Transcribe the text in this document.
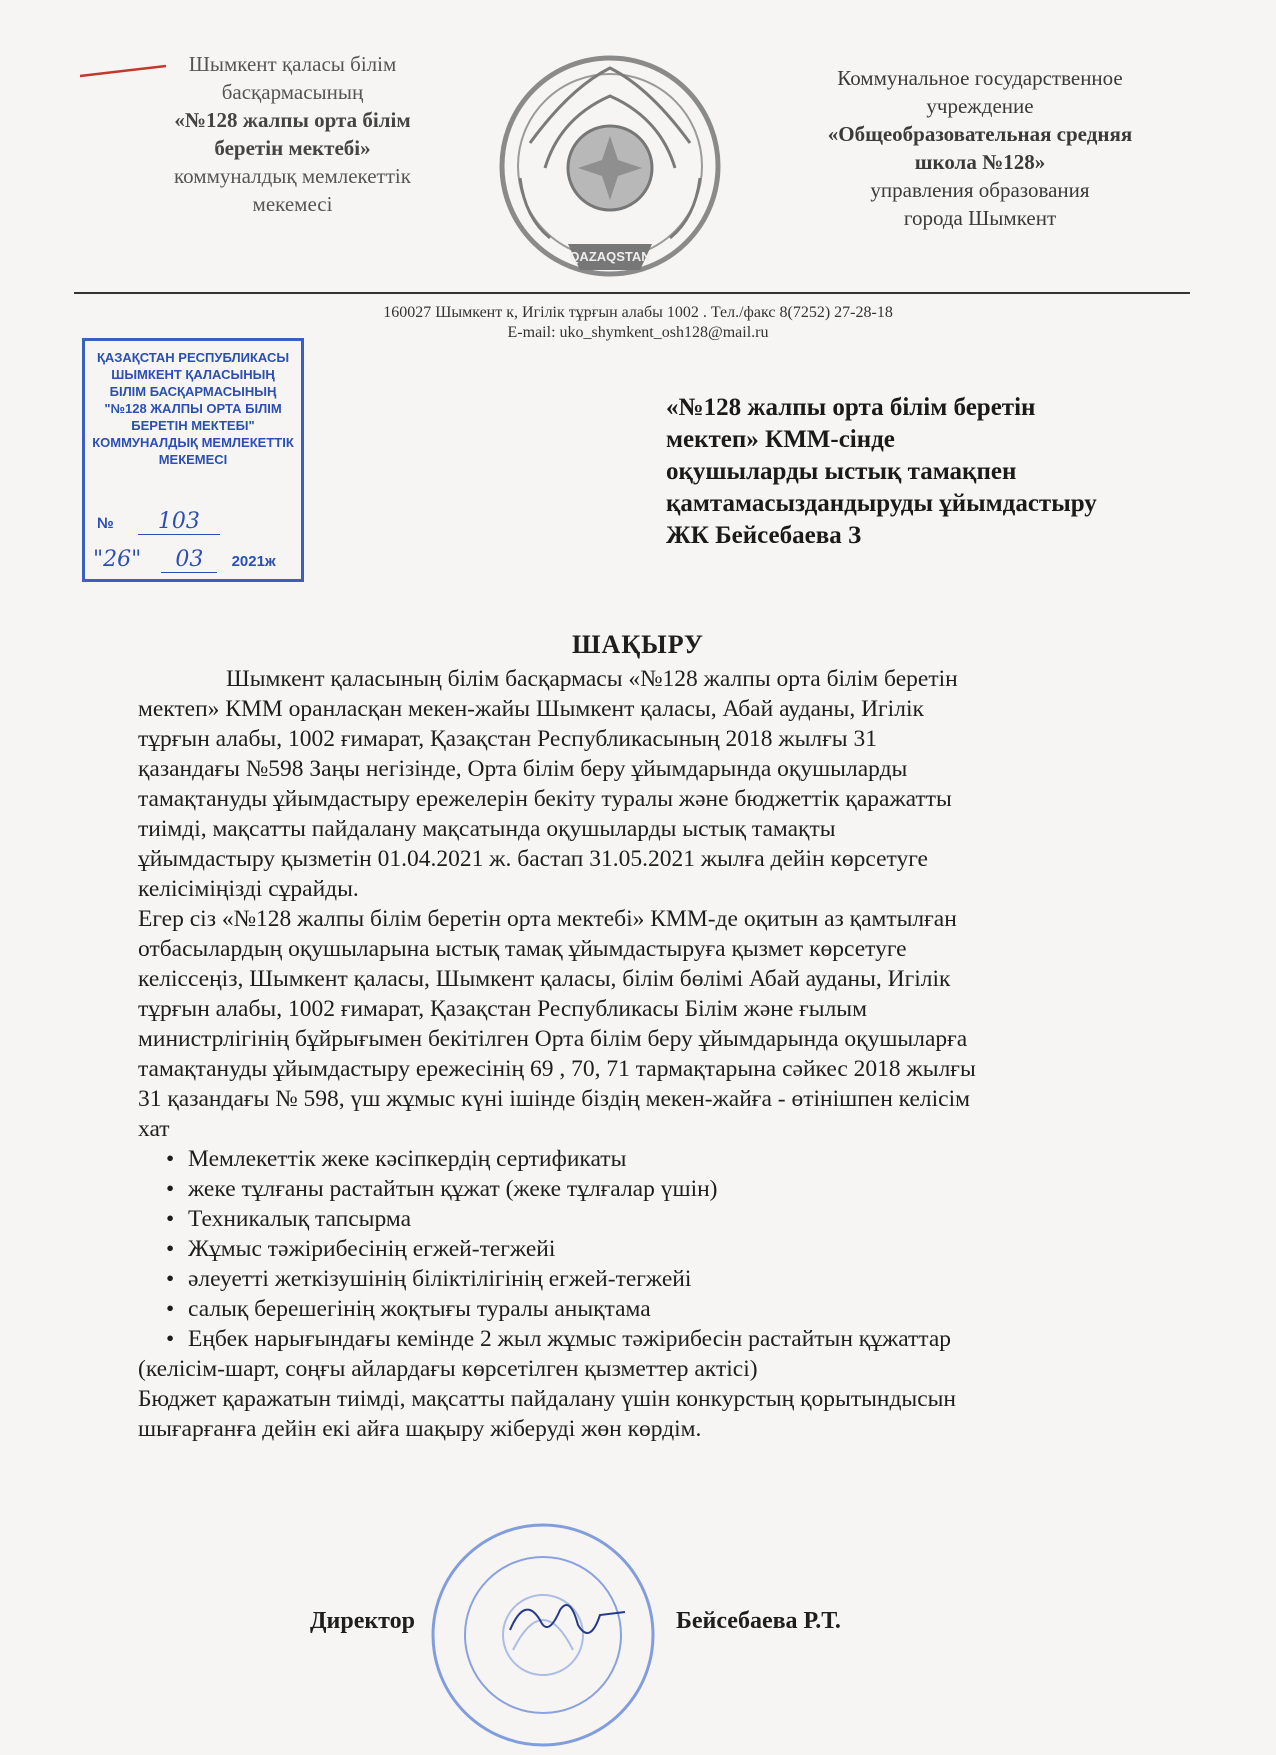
Шымкент қаласы білім
басқармасының
«№128 жалпы орта білім
беретін мектебі»
коммуналдық мемлекеттік
мекемесі
QAZAQSTAN
Коммунальное государственное
учреждение
«Общеобразовательная средняя
школа №128»
управления образования
города Шымкент
160027 Шымкент к, Игілік тұрғын алабы 1002 . Тел./факс 8(7252) 27-28-18
E-mail: uko_shymkent_osh128@mail.ru
ҚАЗАҚСТАН РЕСПУБЛИКАСЫ
ШЫМКЕНТ ҚАЛАСЫНЫҢ
БІЛІМ БАСҚАРМАСЫНЫҢ
"№128 ЖАЛПЫ ОРТА БІЛІМ
БЕРЕТІН МЕКТЕБІ"
КОММУНАЛДЫҚ МЕМЛЕКЕТТІК
МЕКЕМЕСІ
№ 103
"26" 03 2021ж
«№128 жалпы орта білім беретін
мектеп» КММ-сінде
оқушыларды ыстық тамақпен
қамтамасыздандыруды ұйымдастыру
ЖК Бейсебаева З
ШАҚЫРУ

Шымкент қаласының білім басқармасы «№128 жалпы орта білім беретін
мектеп» КММ оранласқан мекен-жайы Шымкент қаласы, Абай ауданы, Игілік
тұрғын алабы, 1002 ғимарат, Қазақстан Республикасының 2018 жылғы 31
қазандағы №598 Заңы негізінде, Орта білім беру ұйымдарында оқушыларды
тамақтануды ұйымдастыру ережелерін бекіту туралы және бюджеттік қаражатты
тиімді, мақсатты пайдалану мақсатында оқушыларды ыстық тамақты
ұйымдастыру қызметін 01.04.2021 ж. бастап 31.05.2021 жылға дейін көрсетуге
келісіміңізді сұрайды.

Егер сіз «№128 жалпы білім беретін орта мектебі» КММ-де оқитын аз қамтылған
отбасылардың оқушыларына ыстық тамақ ұйымдастыруға қызмет көрсетуге
келіссеңіз, Шымкент қаласы, Шымкент қаласы, білім бөлімі Абай ауданы, Игілік
тұрғын алабы, 1002 ғимарат, Қазақстан Республикасы Білім және ғылым
министрлігінің бұйрығымен бекітілген Орта білім беру ұйымдарында оқушыларға
тамақтануды ұйымдастыру ережесінің 69 , 70, 71 тармақтарына сәйкес 2018 жылғы
31 қазандағы № 598, үш жұмыс күні ішінде біздің мекен-жайға - өтінішпен келісім
хат

• Мемлекеттік жеке кәсіпкердің сертификаты
• жеке тұлғаны растайтын құжат (жеке тұлғалар үшін)
• Техникалық тапсырма
• Жұмыс тәжірибесінің егжей-тегжейі
• әлеуетті жеткізушінің біліктілігінің егжей-тегжейі
• салық берешегінің жоқтығы туралы анықтама
• Еңбек нарығындағы кемінде 2 жыл жұмыс тәжірибесін растайтын құжаттар

(келісім-шарт, соңғы айлардағы көрсетілген қызметтер актісі)

Бюджет қаражатын тиімді, мақсатты пайдалану үшін конкурстың қорытындысын
шығарғанға дейін екі айға шақыру жіберуді жөн көрдім.

Директор	Бейсебаева Р.Т.
